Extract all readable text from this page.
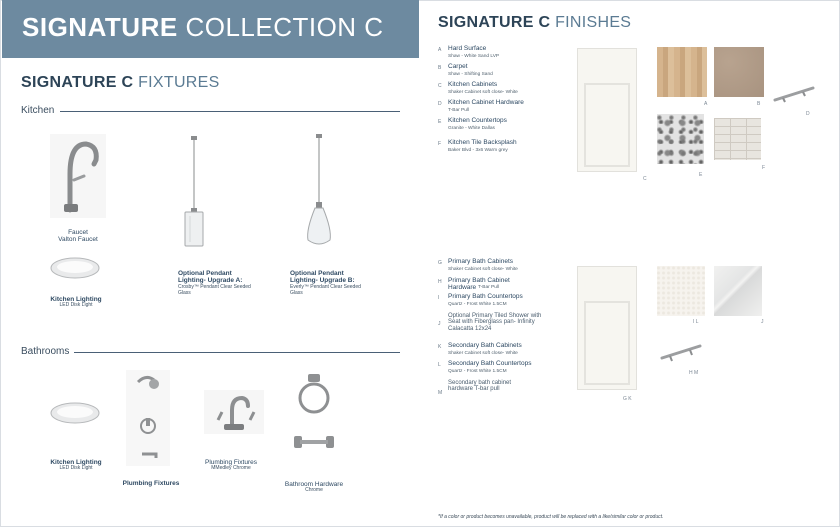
SIGNATURE COLLECTION C
SIGNATURE C FIXTURES
SIGNATURE C FINISHES
Kitchen
Faucet
Valton Faucet
Kitchen Lighting
LED Disk Light
Optional Pendant Lighting- Upgrade A:
Crosby™ Pendant Clear Seeded Glass
Optional Pendant Lighting- Upgrade B:
Everly™ Pendant Clear Seeded Glass
Bathrooms
Kitchen Lighting
LED Disk Light
Plumbing Fixtures
Plumbing Fixtures
MMedley Chrome
Bathroom Hardware
Chrome
A Hard Surface
Shaw - White Sand LVP
B Carpet
Shaw - Shifting Sand
C Kitchen Cabinets
Shaker Cabinet soft close- White
D Kitchen Cabinet Hardware
T-Bar Pull
E Kitchen Countertops
Granite - White Dallas
F Kitchen Tile Backsplash
Baker Blvd - 3x6 Warm grey
C
A	B
D
E
F
G Primary Bath Cabinets
Shaker Cabinet soft close- White
H Primary Bath Cabinet Hardware T-Bar Pull
I Primary Bath Countertops
Quartz - Frost White 1.5CM
J
Optional Primary Tiled Shower with Seat with Fiberglass pan- Infinity Calacatta 12x24
K Secondary Bath Cabinets
Shaker Cabinet soft close- White
L Secondary Bath Countertops
Quartz - Frost White 1.5CM
M
Secondary bath cabinet hardware T-bar pull
G K
I L	J
H M
*If a color or product becomes unavailable, product will be replaced with a like/similar color or product.
